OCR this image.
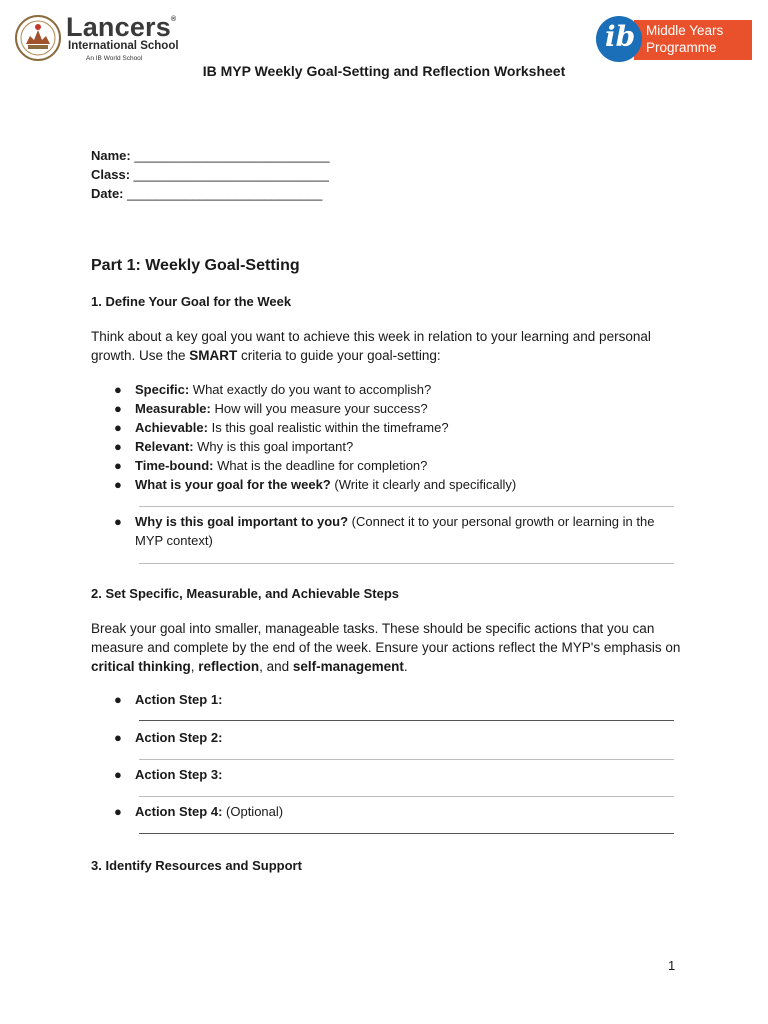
Lancers®
International School
An IB World School
Middle Years
Programme
ib
IB MYP Weekly Goal-Setting and Reflection Worksheet
Name: ___________________________
Class: ___________________________
Date: ___________________________
Part 1: Weekly Goal-Setting
1. Define Your Goal for the Week
Think about a key goal you want to achieve this week in relation to your learning and personal growth. Use the SMART criteria to guide your goal-setting:
● Specific: What exactly do you want to accomplish?
● Measurable: How will you measure your success?
● Achievable: Is this goal realistic within the timeframe?
● Relevant: Why is this goal important?
● Time-bound: What is the deadline for completion?
● What is your goal for the week? (Write it clearly and specifically)
● Why is this goal important to you? (Connect it to your personal growth or learning in the MYP context)
2. Set Specific, Measurable, and Achievable Steps
Break your goal into smaller, manageable tasks. These should be specific actions that you can measure and complete by the end of the week. Ensure your actions reflect the MYP's emphasis on critical thinking, reflection, and self-management.
● Action Step 1:
● Action Step 2:
● Action Step 3:
● Action Step 4: (Optional)
3. Identify Resources and Support
1
